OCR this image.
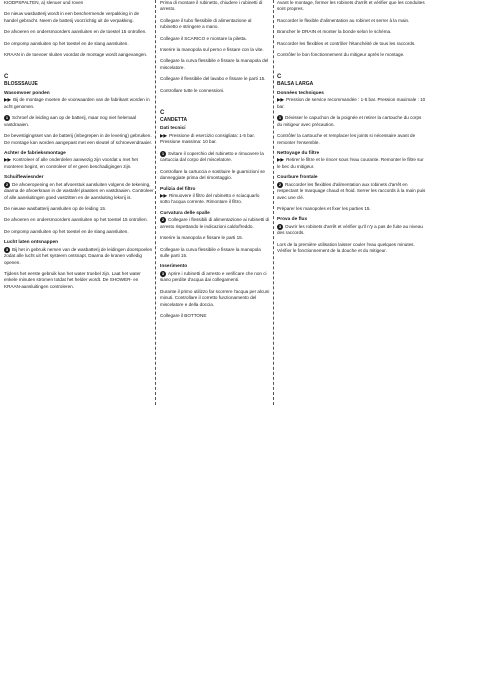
KIODPSPALTEN, a) slenuer und roven

De nieuw wasbatterij wordt in een beschermende verpakking in de handel gebracht. Neem de batterij voorzichtig uit de verpakking.

De afvoeren en ondersmoorders aansluiten en de toestel 15 ontrollen.

De ompomp aansluiten op het toestel en de slang aansluiten.

KRAAN in de toevoer sluiten voordat de montage wordt aangevangen.

C
BLOSSSAUJE
Wasomvoer ponden

▶▶ Bij de montage moeten de voorwaarden van de fabrikant worden in acht genomen.

1 Schroef de leiding aan op de batterij, maar nog niet helemaal vastdraaien.

De bevestigingsset van de batterij (inbegrepen in de levering) gebruiken. De montage kan worden aangepast met een sleutel of schroevendraaier.

Achter de fabrieksmontage

▶▶ Kontroleer of alle onderdelen aanwezig zijn voordat u met het monteren begint, en controleer of er geen beschadigingen zijn.

Schuiflewiesnder

2 De afvoeropening en het afvoerstuk aansluiten volgens de tekening, daarna de afvoerkraan in de wastafel plaatsen en vastdraaien. Controleer of alle aansluitingen goed vastzitten en de aansluiting lekvrij is.

De nieuwe wasbatterij aansluiten op de leiding 15.

De afvoeren en ondersmoorders aansluiten op het toestel 15 ontrollen.

De ompomp aansluiten op het toestel en de slang aansluiten.

Lucht laten ontsnappen

3 Bij het in gebruik nemen van de wasbatterij de leidingen doorspoelen zodat alle lucht uit het systeem ontsnapt. Daarna de kranen volledig openen.

Tijdens het eerste gebruik kan het water troebel zijn. Laat het water enkele minuten stromen totdat het helder wordt. De SHOWER- en KRAAN-aansluitingen controleren.

Prima di montare il rubinetto, chiudere i rubinetti di arresto.

Collegare il tubo flessibile di alimentazione al rubinetto e stringere a mano.

Collegare il SCARICO e montare la piletta.

Inserire la manopola sul perno e fissare con la vite.

Collegare la curva flessibile e fissare la manopola del miscelatore.

Collegare il flessibile del lavabo e fissare le parti 15.

Controllare tutte le connessioni.

C
CANDETTA
Dati tecnici

▶▶ Pressione di esercizio consigliata: 1-5 bar. Pressione massima: 10 bar.

1 Svitare il coperchio del rubinetto e rimuovere la cartuccia dal corpo del miscelatore.

Controllare la cartuccia e sostituire le guarnizioni se danneggiate prima del rimontaggio.

Pulizia del filtro

▶▶ Rimuovere il filtro del rubinetto e sciacquarlo sotto l'acqua corrente. Rimontare il filtro.

Curvatura delle spalle

2 Collegare i flessibili di alimentazione ai rubinetti di arresto rispettando le indicazioni caldo/freddo.

Inserire la manopola e fissare le parti 15.

Collegare la curva flessibile e fissare la manopola sulle parti 15.

Inserimento

3 Aprire i rubinetti di arresto e verificare che non ci siano perdite d'acqua dai collegamenti.

Durante il primo utilizzo far scorrere l'acqua per alcuni minuti. Controllare il corretto funzionamento del miscelatore e della doccia.

Collegare il BOTTONE

Avant le montage, fermer les robinets d'arrêt et vérifier que les conduites sont propres.

Raccorder le flexible d'alimentation au robinet et serrer à la main.

Brancher le DRAIN et monter la bonde selon le schéma.

Raccorder les flexibles et contrôler l'étanchéité de tous les raccords.

Contrôler le bon fonctionnement du mitigeur après le montage.

C
BALSA LARGA
Données techniques

▶▶ Pression de service recommandée : 1-5 bar. Pression maximale : 10 bar.

1 Dévisser le capuchon de la poignée et retirer la cartouche du corps du mitigeur avec précaution.

Contrôler la cartouche et remplacer les joints si nécessaire avant de remonter l'ensemble.

Nettoyage du filtre

▶▶ Retirer le filtre et le rincer sous l'eau courante. Remonter le filtre sur le bec du mitigeur.

Courbure frontale

2 Raccorder les flexibles d'alimentation aux robinets d'arrêt en respectant le marquage chaud et froid. Serrer les raccords à la main puis avec une clé.

Préparer les manopoles et fixer les parties 15.

Prova de flux

3 Ouvrir les robinets d'arrêt et vérifier qu'il n'y a pas de fuite au niveau des raccords.

Lors de la première utilisation laisser couler l'eau quelques minutes. Vérifier le fonctionnement de la douche et du mitigeur.
